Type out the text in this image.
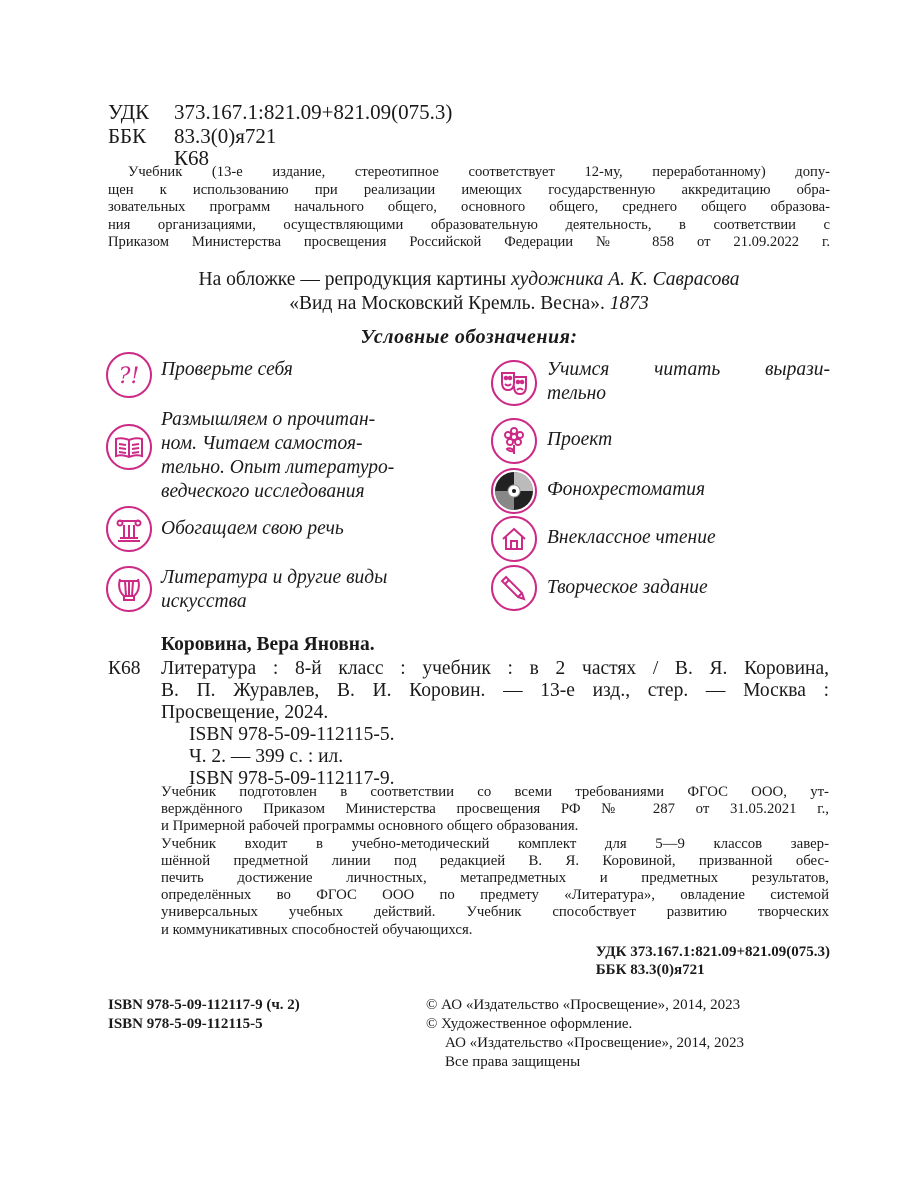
УДК 373.167.1:821.09+821.09(075.3)
ББК 83.3(0)я721
К68
Учебник (13-е издание, стереотипное соответствует 12-му, переработанному) допу-
щен к использованию при реализации имеющих государственную аккредитацию обра-
зовательных программ начального общего, основного общего, среднего общего образова-
ния организациями, осуществляющими образовательную деятельность, в соответствии с
Приказом Министерства просвещения Российской Федерации № 858 от 21.09.2022 г.
На обложке — репродукция картины художника А. К. Саврасова
«Вид на Московский Кремль. Весна». 1873
Условные обозначения:
?! Проверьте себя
Размышляем о прочитан-
ном. Читаем самостоя-
тельно. Опыт литературо-
ведческого исследования
Обогащаем свою речь
Литература и другие виды
искусства
Учимся читать вырази-
тельно
Проект
Фонохрестоматия
Внеклассное чтение
Творческое задание
Коровина, Вера Яновна.
К68 Литература : 8-й класс : учебник : в 2 частях / В. Я. Коровина,
В. П. Журавлев, В. И. Коровин. — 13-е изд., стер. — Москва :
Просвещение, 2024.
ISBN 978-5-09-112115-5.
Ч. 2. — 399 с. : ил.
ISBN 978-5-09-112117-9.
Учебник подготовлен в соответствии со всеми требованиями ФГОС ООО, ут-
верждённого Приказом Министерства просвещения РФ № 287 от 31.05.2021 г.,
и Примерной рабочей программы основного общего образования.
Учебник входит в учебно-методический комплект для 5—9 классов завер-
шённой предметной линии под редакцией В. Я. Коровиной, призванной обес-
печить достижение личностных, метапредметных и предметных результатов,
определённых во ФГОС ООО по предмету «Литература», овладение системой
универсальных учебных действий. Учебник способствует развитию творческих
и коммуникативных способностей обучающихся.
УДК 373.167.1:821.09+821.09(075.3)
ББК 83.3(0)я721
ISBN 978-5-09-112117-9 (ч. 2)
ISBN 978-5-09-112115-5
© АО «Издательство «Просвещение», 2014, 2023
© Художественное оформление.
АО «Издательство «Просвещение», 2014, 2023
Все права защищены
